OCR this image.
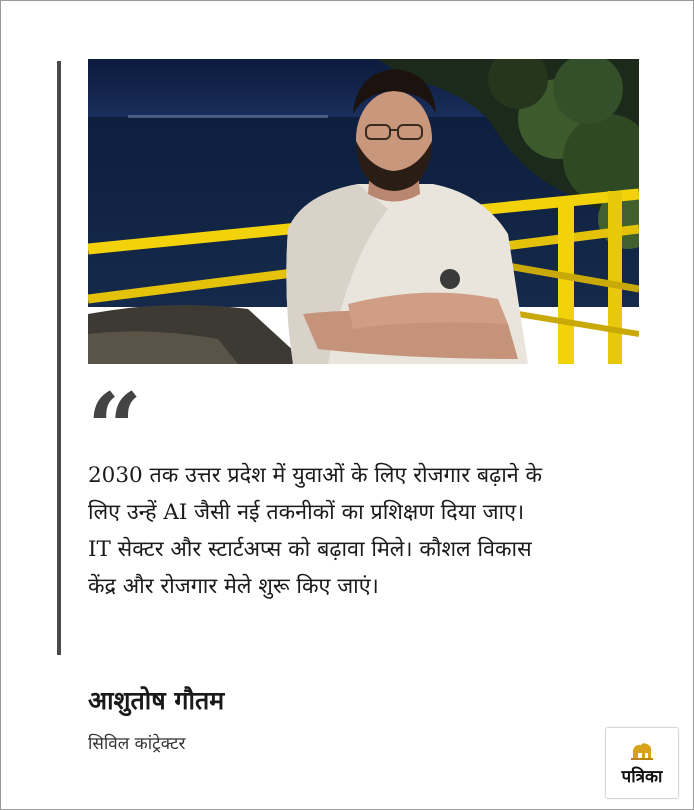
“

2030 तक उत्तर प्रदेश में युवाओं के लिए रोजगार बढ़ाने के
लिए उन्हें AI जैसी नई तकनीकों का प्रशिक्षण दिया जाए।
IT सेक्टर और स्टार्टअप्स को बढ़ावा मिले। कौशल विकास
केंद्र और रोजगार मेले शुरू किए जाएं।

आशुतोष गौतम
सिविल कांट्रेक्टर
पत्रिका
